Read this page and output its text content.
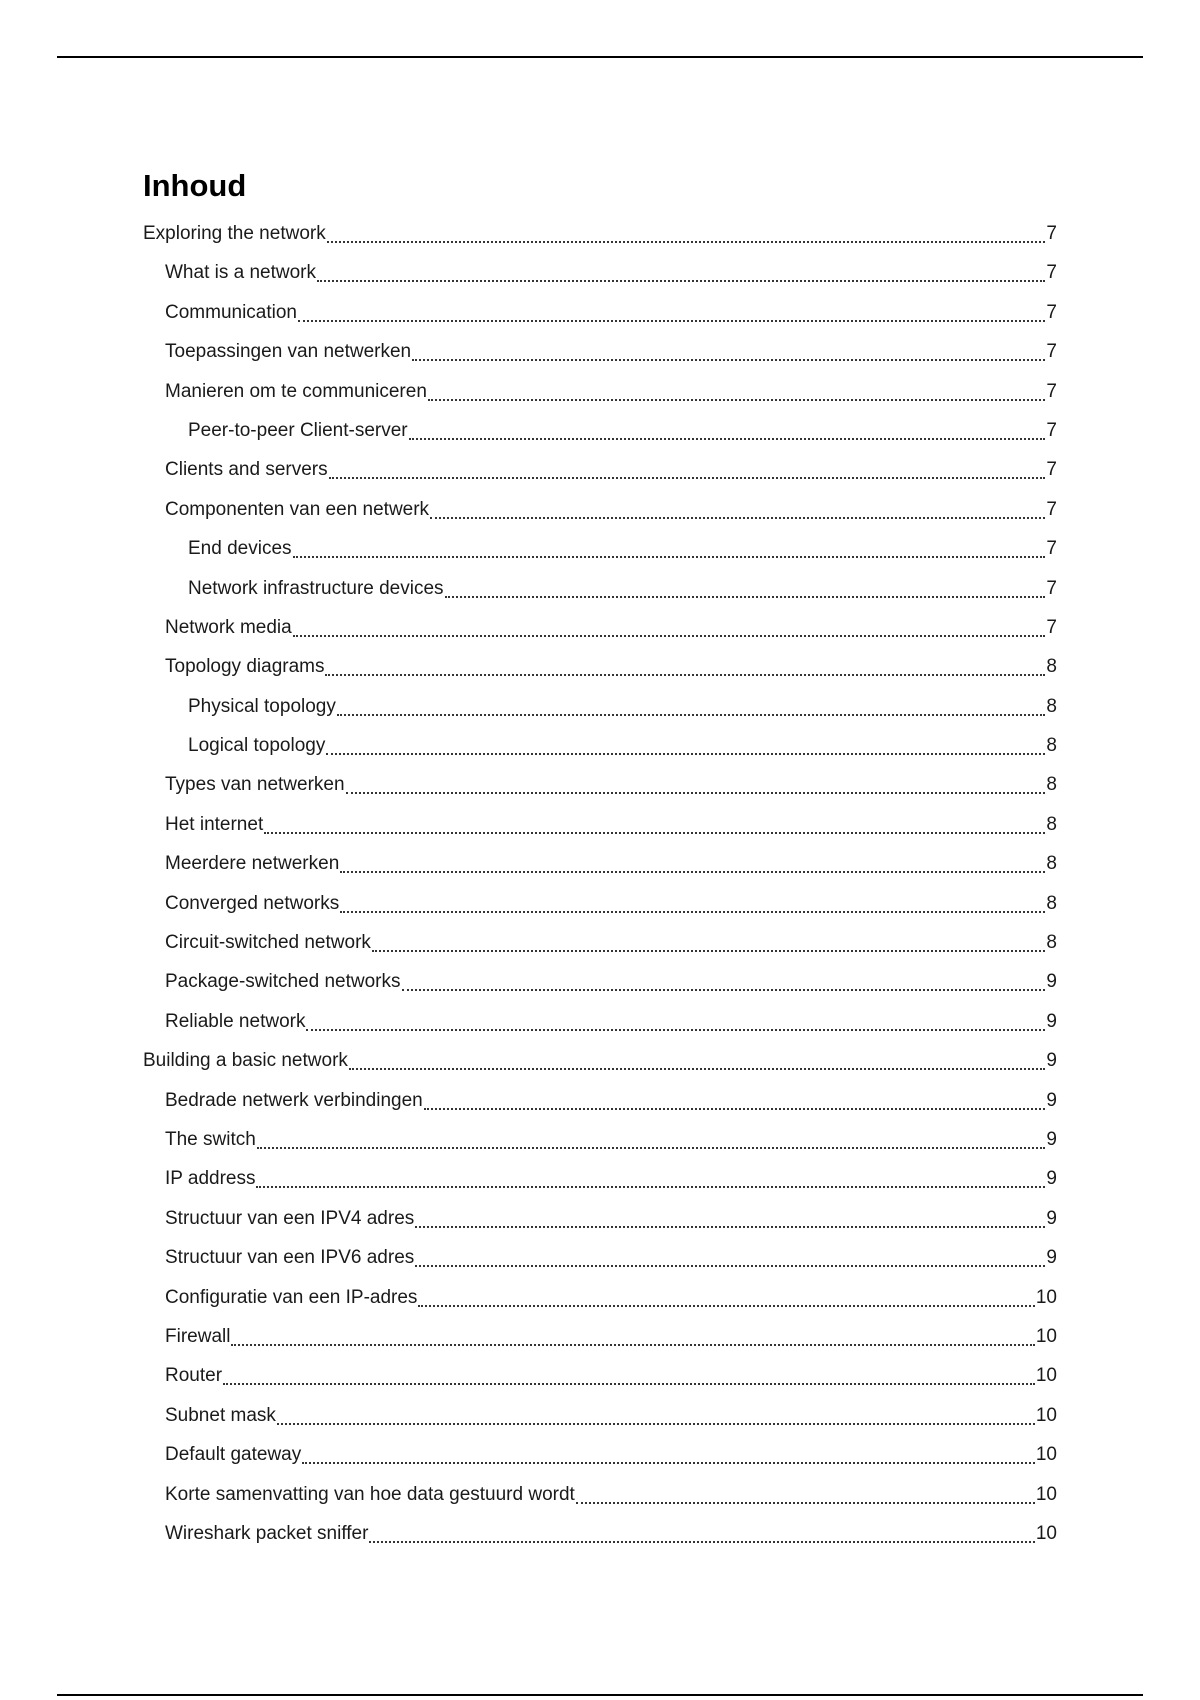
Inhoud
Exploring the network	7
What is a network	7
Communication	7
Toepassingen van netwerken	7
Manieren om te communiceren	7
Peer-to-peer Client-server	7
Clients and servers	7
Componenten van een netwerk	7
End devices	7
Network infrastructure devices	7
Network media	7
Topology diagrams	8
Physical topology	8
Logical topology	8
Types van netwerken	8
Het internet	8
Meerdere netwerken	8
Converged networks	8
Circuit-switched network	8
Package-switched networks	9
Reliable network	9
Building a basic network	9
Bedrade netwerk verbindingen	9
The switch	9
IP address	9
Structuur van een IPV4 adres	9
Structuur van een IPV6 adres	9
Configuratie van een IP-adres	10
Firewall	10
Router	10
Subnet mask	10
Default gateway	10
Korte samenvatting van hoe data gestuurd wordt	10
Wireshark packet sniffer	10
